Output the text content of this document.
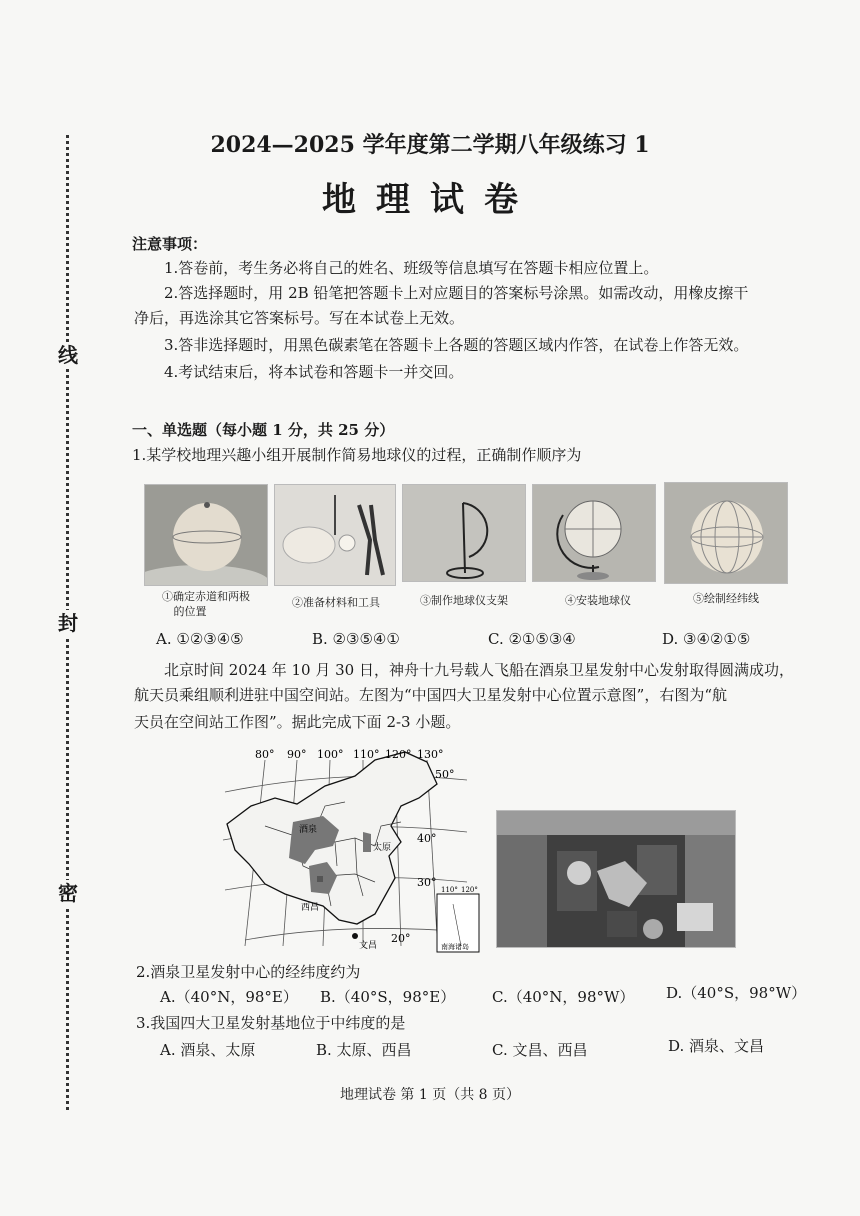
线
封
密
2024—2025 学年度第二学期八年级练习 1
地理试卷
注意事项：
1.答卷前，考生务必将自己的姓名、班级等信息填写在答题卡相应位置上。
2.答选择题时，用 2B 铅笔把答题卡上对应题目的答案标号涂黑。如需改动，用橡皮擦干
净后，再选涂其它答案标号。写在本试卷上无效。
3.答非选择题时，用黑色碳素笔在答题卡上各题的答题区域内作答，在试卷上作答无效。
4.考试结束后，将本试卷和答题卡一并交回。
一、单选题（每小题 1 分，共 25 分）
1.某学校地理兴趣小组开展制作简易地球仪的过程，正确制作顺序为
①确定赤道和两极
的位置
②准备材料和工具	③制作地球仪支架	④安装地球仪	⑤绘制经纬线
A. ①②③④⑤	B. ②③⑤④①	C. ②①⑤③④	D. ③④②①⑤
北京时间 2024 年 10 月 30 日，神舟十九号载人飞船在酒泉卫星发射中心发射取得圆满成功，
航天员乘组顺利进驻中国空间站。左图为“中国四大卫星发射中心位置示意图”，右图为“航
天员在空间站工作图”。据此完成下面 2-3 小题。
80° 90° 100° 110° 120° 130°
50°
40°
30°
20°
酒泉
太原
西昌
文昌
110° 120°
南海诸岛
2.酒泉卫星发射中心的经纬度约为
A.（40°N，98°E） B.（40°S，98°E） C.（40°N，98°W） D.（40°S，98°W）
3.我国四大卫星发射基地位于中纬度的是
A. 酒泉、太原	B. 太原、西昌	C. 文昌、西昌	D. 酒泉、文昌
地理试卷 第 1 页（共 8 页）
